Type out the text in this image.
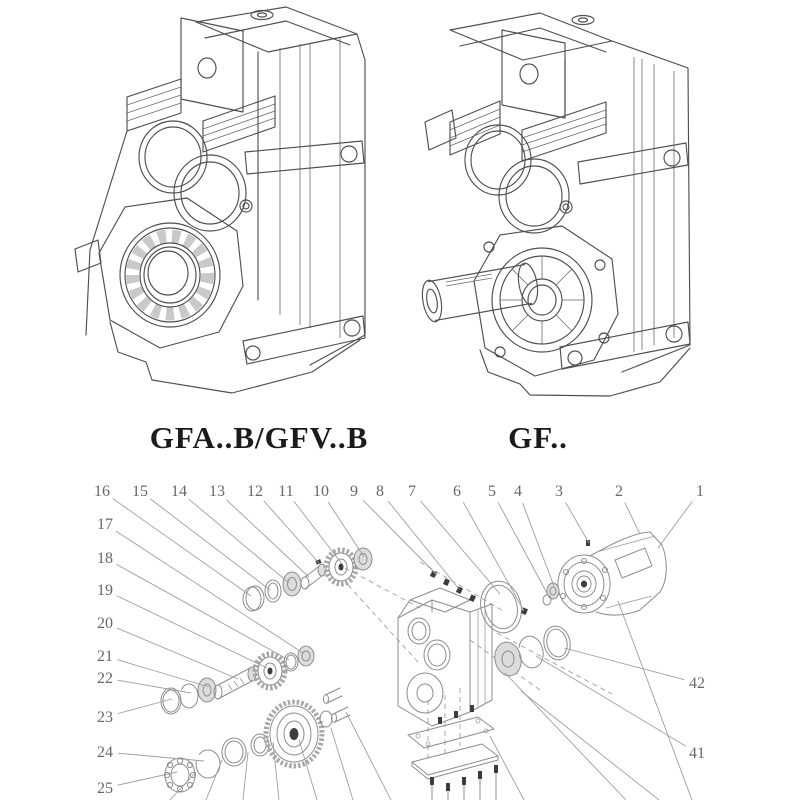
GFA..B/GFV..B	GF..
1
2
3
4
5
6
7
8
9
10
11
12
13
14
15
16
17
18
19
20
21
22
23
24
25
41
42
